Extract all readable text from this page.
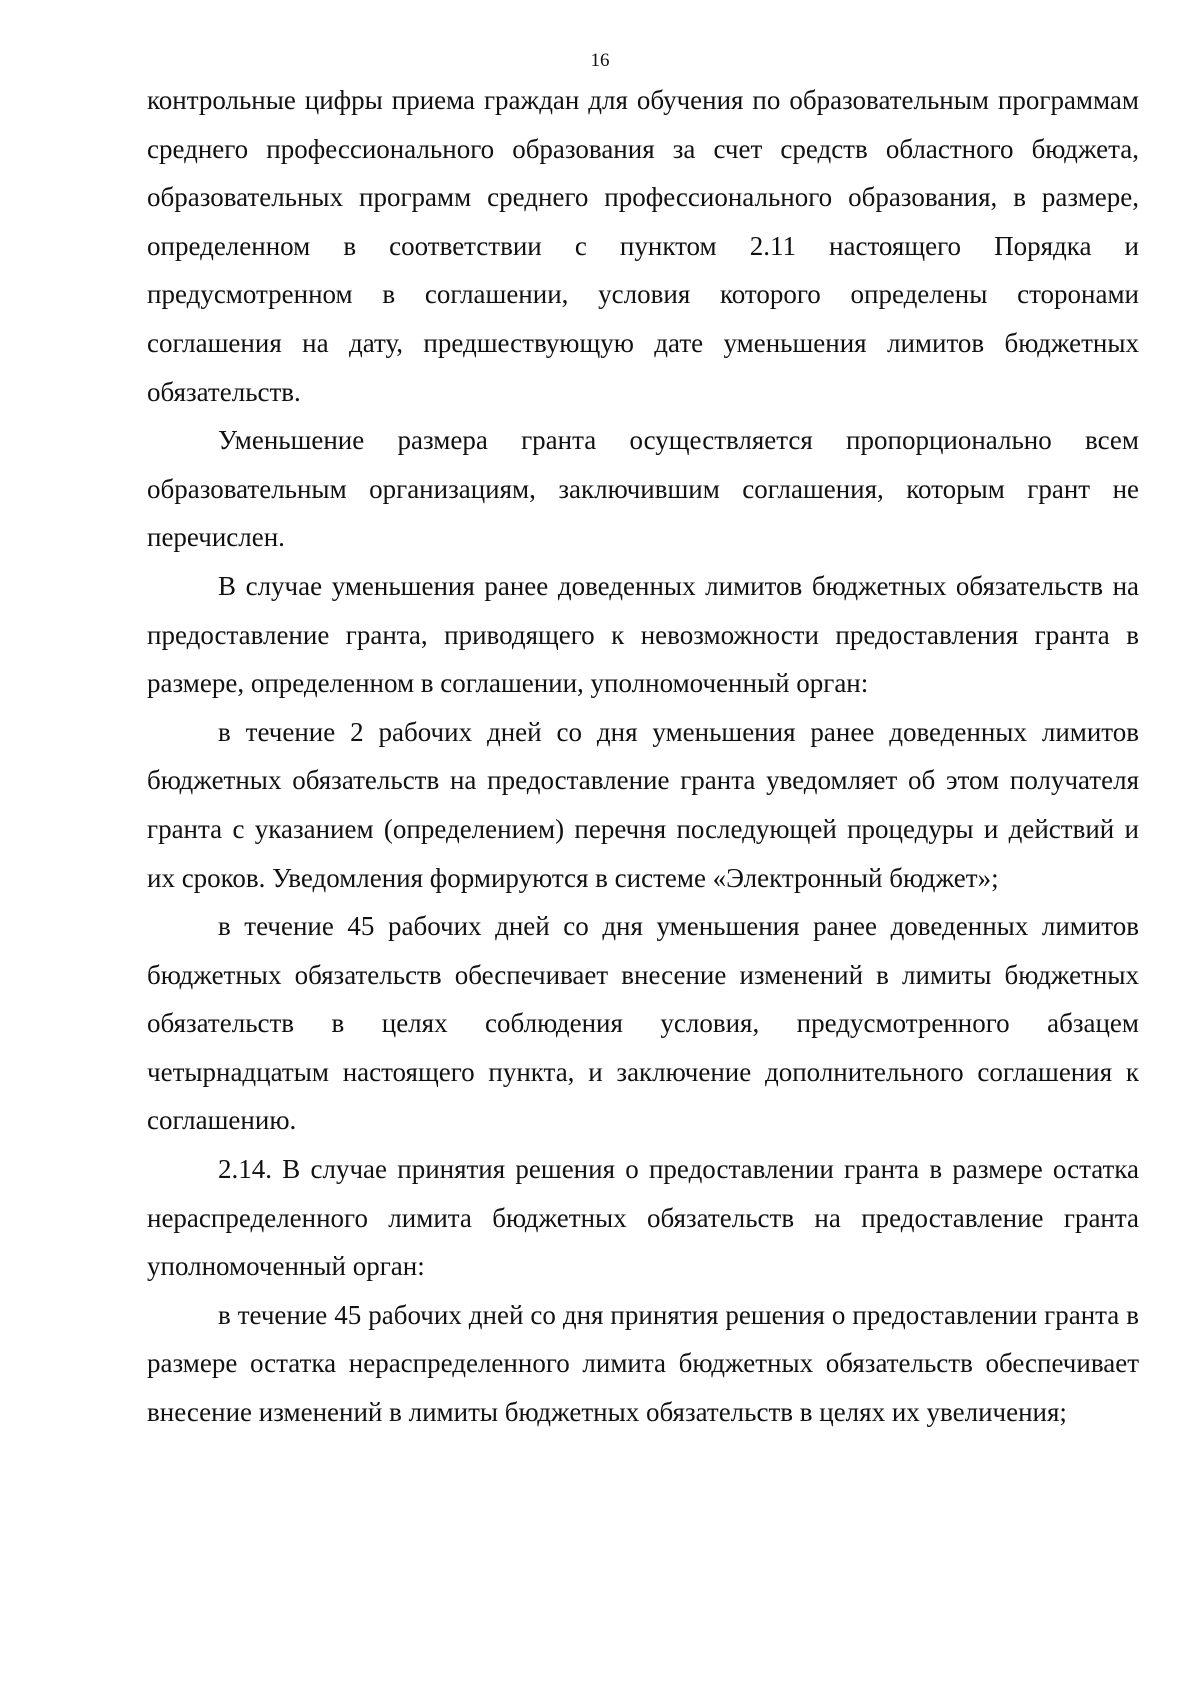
16

контрольные цифры приема граждан для обучения по образовательным программам среднего профессионального образования за счет средств областного бюджета, образовательных программ среднего профессионального образования, в размере, определенном в соответствии с пунктом 2.11 настоящего Порядка и предусмотренном в соглашении, условия которого определены сторонами соглашения на дату, предшествующую дате уменьшения лимитов бюджетных обязательств.

Уменьшение размера гранта осуществляется пропорционально всем образовательным организациям, заключившим соглашения, которым грант не перечислен.

В случае уменьшения ранее доведенных лимитов бюджетных обязательств на предоставление гранта, приводящего к невозможности предоставления гранта в размере, определенном в соглашении, уполномоченный орган:

в течение 2 рабочих дней со дня уменьшения ранее доведенных лимитов бюджетных обязательств на предоставление гранта уведомляет об этом получателя гранта с указанием (определением) перечня последующей процедуры и действий и их сроков. Уведомления формируются в системе «Электронный бюджет»;

в течение 45 рабочих дней со дня уменьшения ранее доведенных лимитов бюджетных обязательств обеспечивает внесение изменений в лимиты бюджетных обязательств в целях соблюдения условия, предусмотренного абзацем четырнадцатым настоящего пункта, и заключение дополнительного соглашения к соглашению.

2.14. В случае принятия решения о предоставлении гранта в размере остатка нераспределенного лимита бюджетных обязательств на предоставление гранта уполномоченный орган:

в течение 45 рабочих дней со дня принятия решения о предоставлении гранта в размере остатка нераспределенного лимита бюджетных обязательств обеспечивает внесение изменений в лимиты бюджетных обязательств в целях их увеличения;
